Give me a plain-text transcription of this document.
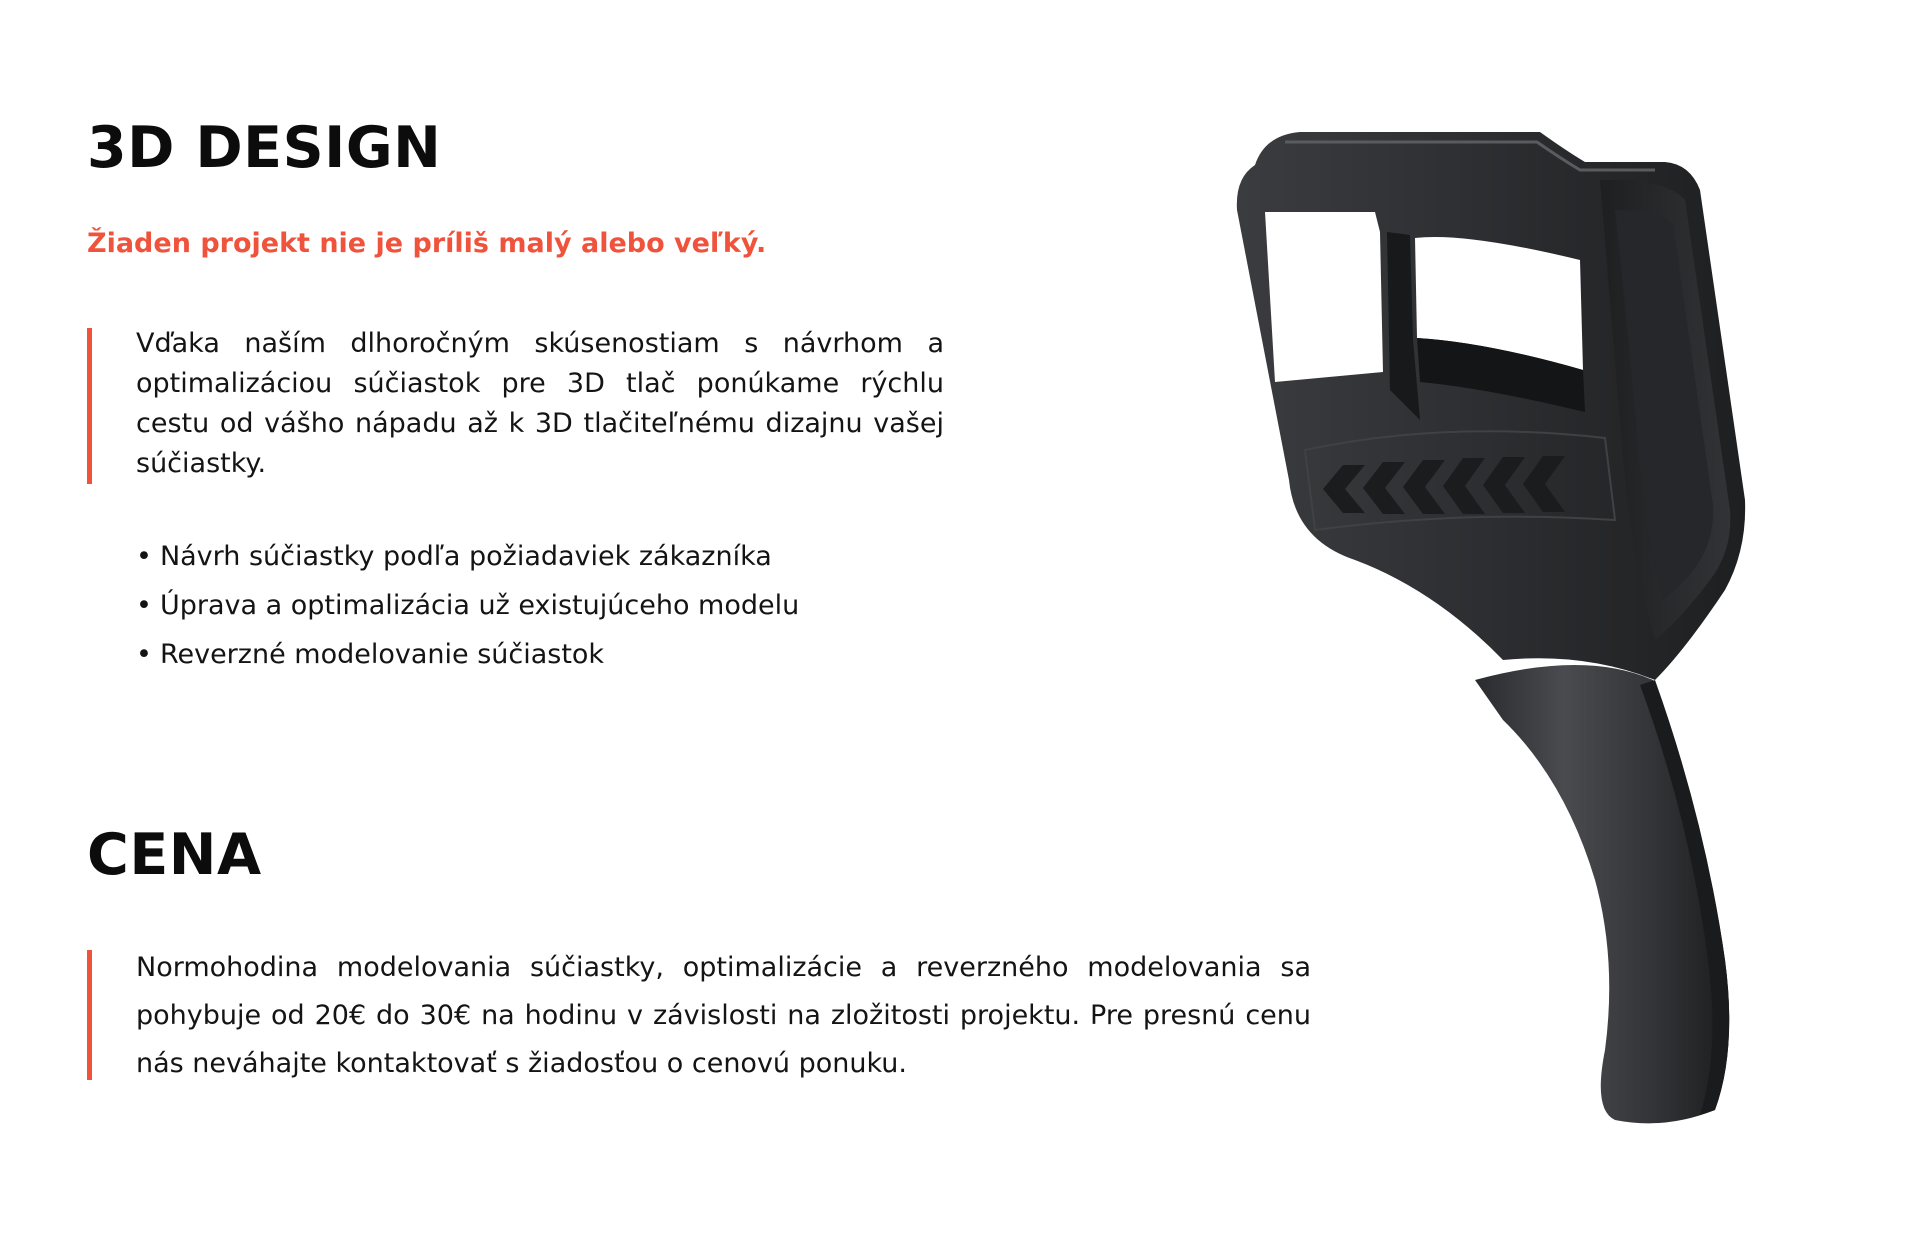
3D DESIGN

Žiaden projekt nie je príliš malý alebo veľký.

Vďaka naším dlhoročným skúsenostiam s návrhom a optimalizáciou súčiastok pre 3D tlač ponúkame rýchlu cestu od vášho nápadu až k 3D tlačiteľnému dizajnu vašej súčiastky.

• Návrh súčiastky podľa požiadaviek zákazníka
• Úprava a optimalizácia už existujúceho modelu
• Reverzné modelovanie súčiastok
CENA

Normohodina modelovania súčiastky, optimalizácie a reverzného modelovania sa pohybuje od 20€ do 30€ na hodinu v závislosti na zložitosti projektu. Pre presnú cenu nás neváhajte kontaktovať s žiadosťou o cenovú ponuku.
